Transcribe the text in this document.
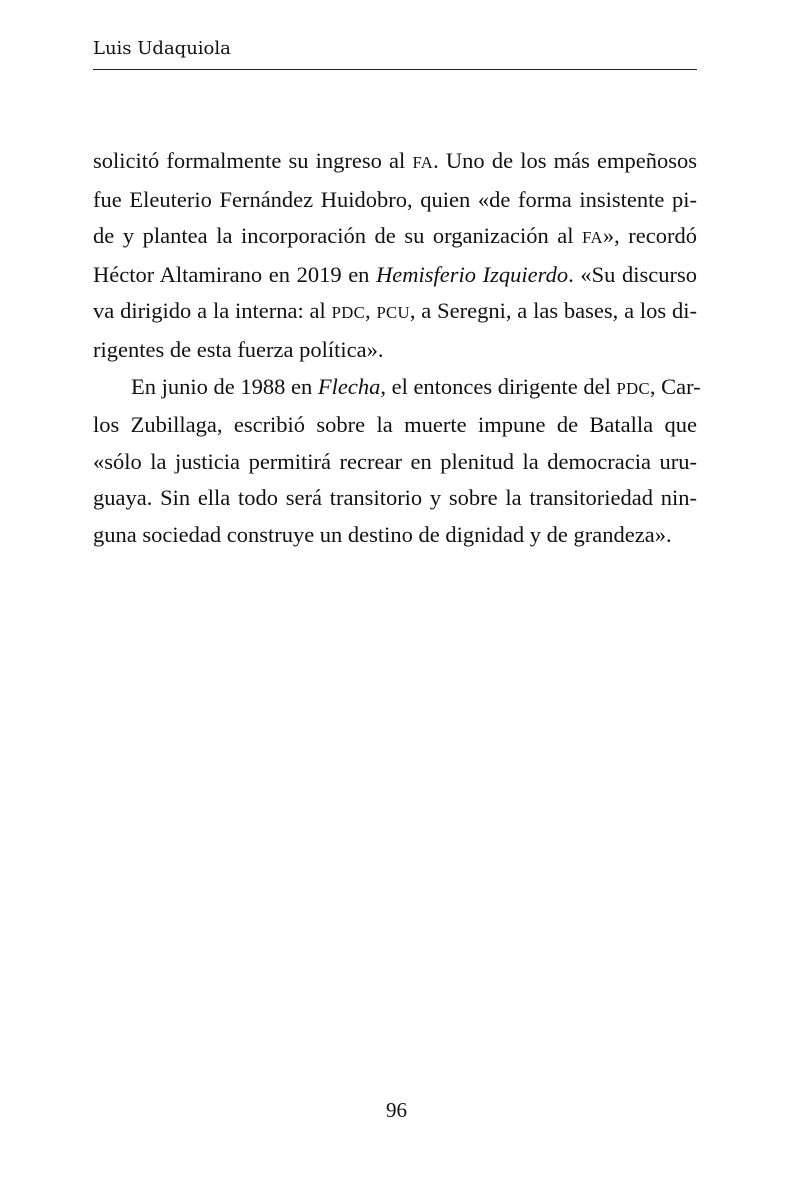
Luis Udaquiola
solicitó formalmente su ingreso al FA. Uno de los más empeñosos
fue Eleuterio Fernández Huidobro, quien «de forma insistente pi-
de y plantea la incorporación de su organización al FA», recordó
Héctor Altamirano en 2019 en Hemisferio Izquierdo. «Su discurso
va dirigido a la interna: al PDC, PCU, a Seregni, a las bases, a los di-
rigentes de esta fuerza política».
En junio de 1988 en Flecha, el entonces dirigente del PDC, Car-
los Zubillaga, escribió sobre la muerte impune de Batalla que
«sólo la justicia permitirá recrear en plenitud la democracia uru-
guaya. Sin ella todo será transitorio y sobre la transitoriedad nin-
guna sociedad construye un destino de dignidad y de grandeza».
96
